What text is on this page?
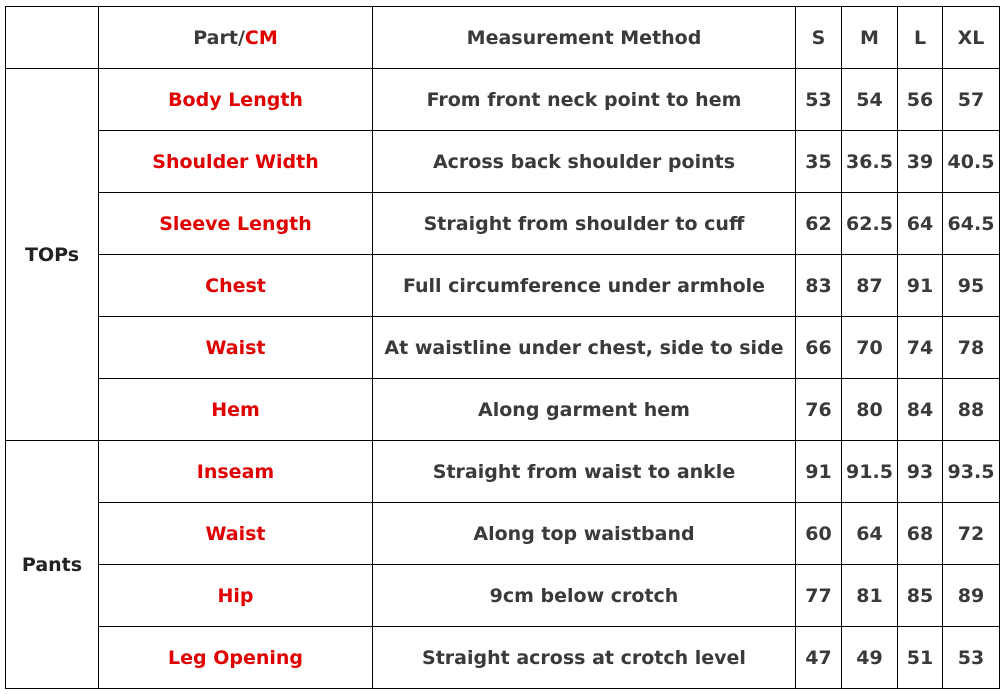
	Part/CM	Measurement Method	S	M	L	XL
TOPs	Body Length	From front neck point to hem	53	54	56	57
	Shoulder Width	Across back shoulder points	35	36.5	39	40.5
	Sleeve Length	Straight from shoulder to cuff	62	62.5	64	64.5
	Chest	Full circumference under armhole	83	87	91	95
	Waist	At waistline under chest, side to side	66	70	74	78
	Hem	Along garment hem	76	80	84	88
Pants	Inseam	Straight from waist to ankle	91	91.5	93	93.5
	Waist	Along top waistband	60	64	68	72
	Hip	9cm below crotch	77	81	85	89
	Leg Opening	Straight across at crotch level	47	49	51	53
